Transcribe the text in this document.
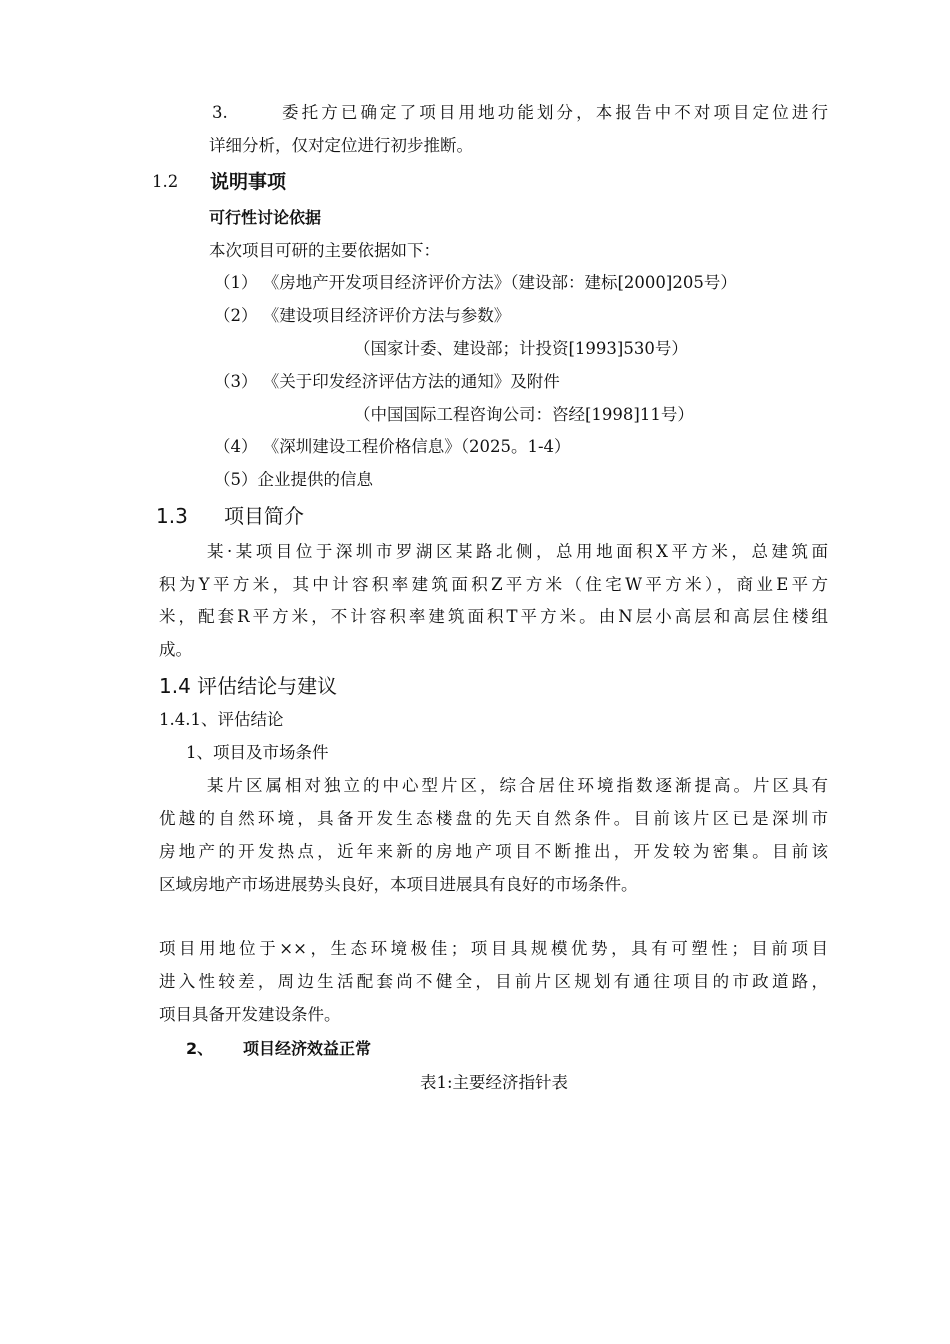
3.	委托方已确定了项目用地功能划分，本报告中不对项目定位进行
详细分析，仅对定位进行初步推断。
1.2 说明事项
可行性讨论依据
本次项目可研的主要依据如下：
（1） 《房地产开发项目经济评价方法》（建设部：建标[2000]205号）
（2） 《建设项目经济评价方法与参数》
（国家计委、建设部；计投资[1993]530号）
（3） 《关于印发经济评估方法的通知》及附件
（中国国际工程咨询公司：咨经[1998]11号）
（4） 《深圳建设工程价格信息》（2025。1-4）
（5）企业提供的信息
1.3 项目简介
某·某项目位于深圳市罗湖区某路北侧，总用地面积X平方米，总建筑面
积为Y平方米，其中计容积率建筑面积Z平方米（住宅W平方米），商业E平方
米，配套R平方米，不计容积率建筑面积T平方米。由N层小高层和高层住楼组
成。
1.4 评估结论与建议
1.4.1、评估结论
1、项目及市场条件
某片区属相对独立的中心型片区，综合居住环境指数逐渐提高。片区具有
优越的自然环境，具备开发生态楼盘的先天自然条件。目前该片区已是深圳市
房地产的开发热点，近年来新的房地产项目不断推出，开发较为密集。目前该
区域房地产市场进展势头良好，本项目进展具有良好的市场条件。
项目用地位于××，生态环境极佳；项目具规模优势，具有可塑性；目前项目
进入性较差，周边生活配套尚不健全，目前片区规划有通往项目的市政道路，
项目具备开发建设条件。
2、 项目经济效益正常
表1:主要经济指针表
